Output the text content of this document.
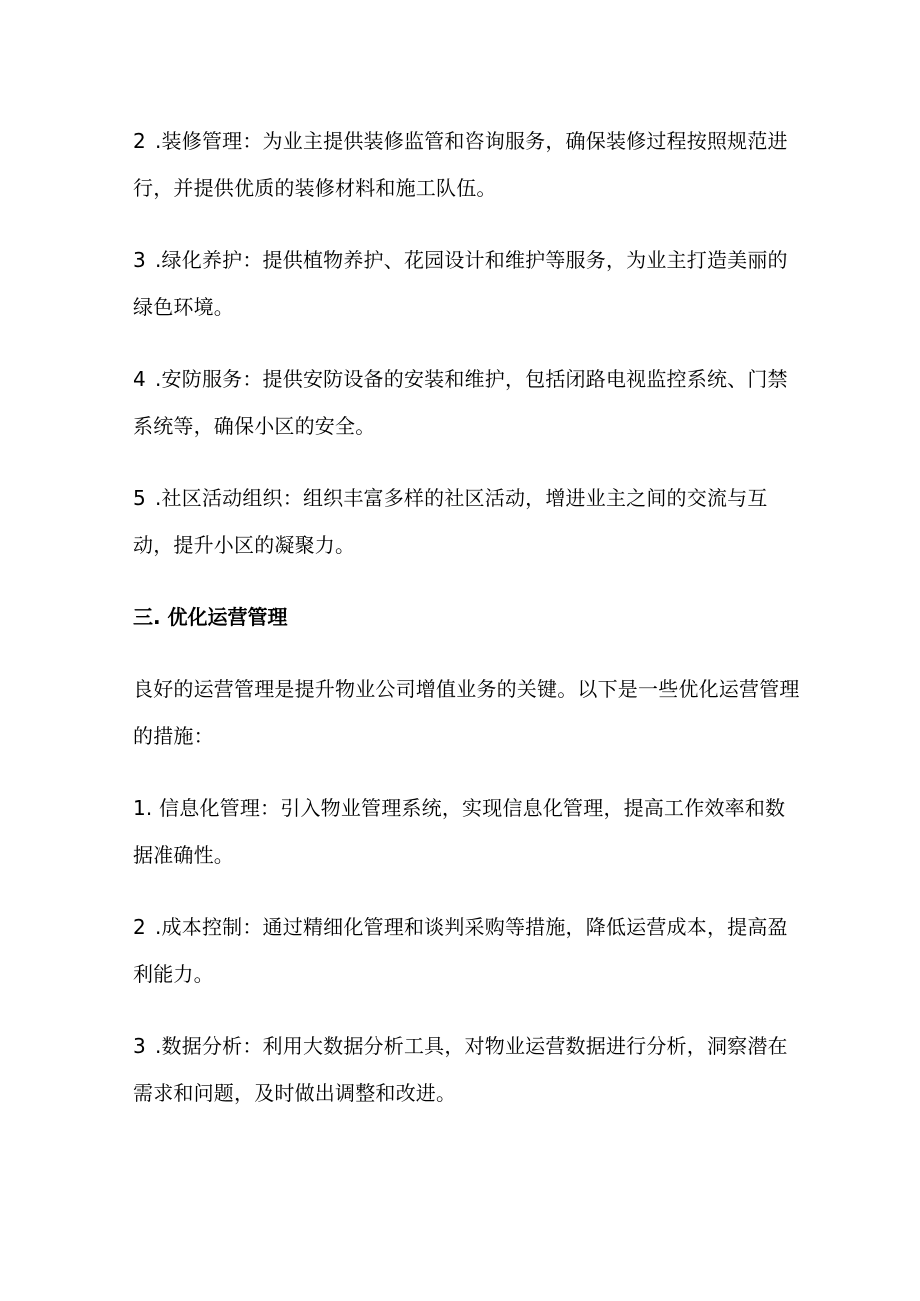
2 .装修管理：为业主提供装修监管和咨询服务，确保装修过程按照规范进行，并提供优质的装修材料和施工队伍。

3 .绿化养护：提供植物养护、花园设计和维护等服务，为业主打造美丽的绿色环境。

4 .安防服务：提供安防设备的安装和维护，包括闭路电视监控系统、门禁系统等，确保小区的安全。

5 .社区活动组织：组织丰富多样的社区活动，增进业主之间的交流与互动，提升小区的凝聚力。

三. 优化运营管理

良好的运营管理是提升物业公司增值业务的关键。以下是一些优化运营管理的措施：

1. 信息化管理：引入物业管理系统，实现信息化管理，提高工作效率和数据准确性。

2 .成本控制：通过精细化管理和谈判采购等措施，降低运营成本，提高盈利能力。

3 .数据分析：利用大数据分析工具，对物业运营数据进行分析，洞察潜在需求和问题，及时做出调整和改进。
